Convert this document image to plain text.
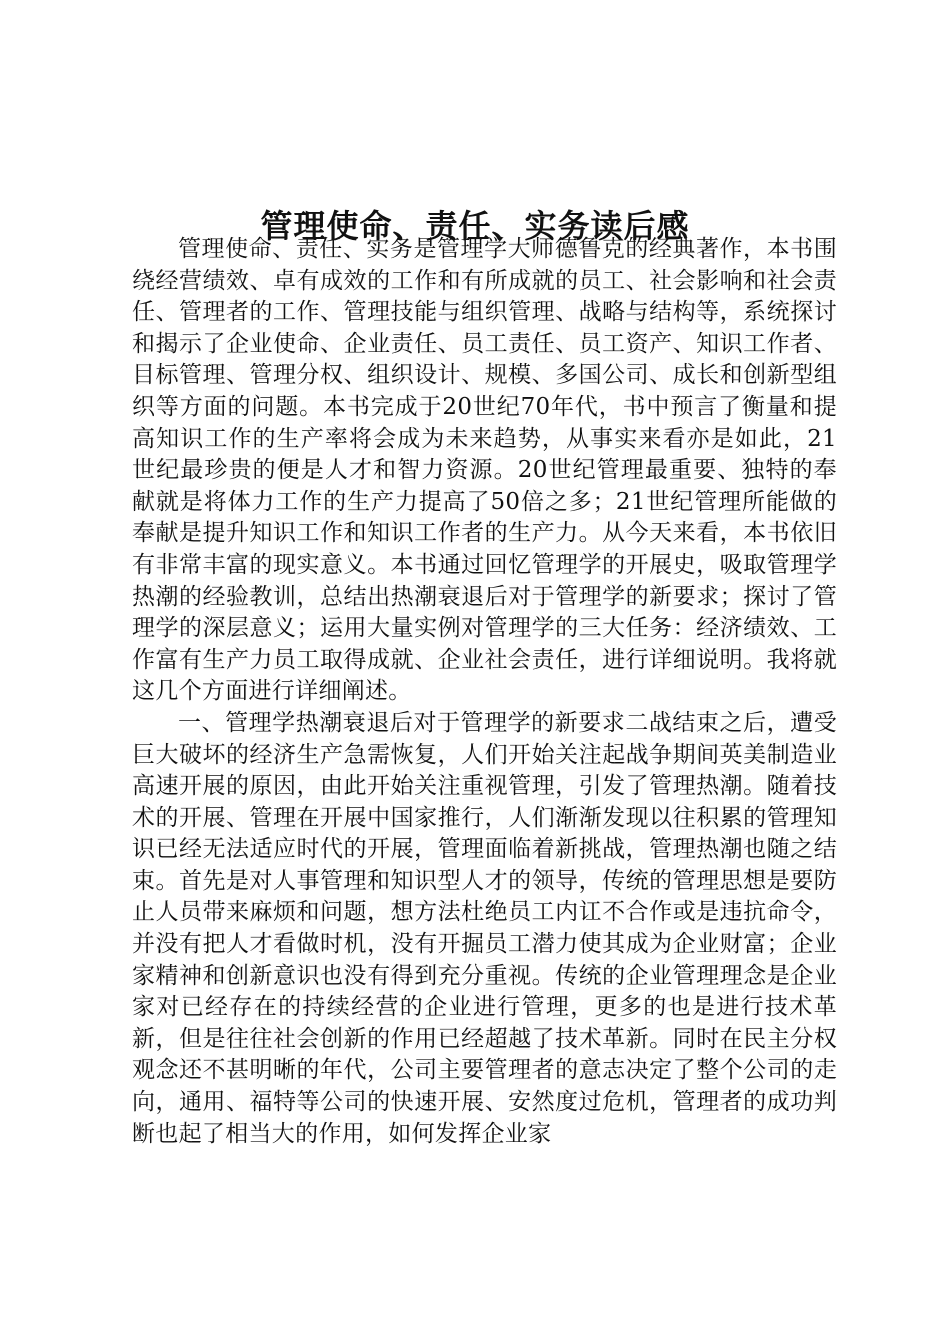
管理使命、责任、实务读后感

管理使命、责任、实务是管理学大师德鲁克的经典著作，本书围绕经营绩效、卓有成效的工作和有所成就的员工、社会影响和社会责任、管理者的工作、管理技能与组织管理、战略与结构等，系统探讨和揭示了企业使命、企业责任、员工责任、员工资产、知识工作者、目标管理、管理分权、组织设计、规模、多国公司、成长和创新型组织等方面的问题。本书完成于20世纪70年代，书中预言了衡量和提高知识工作的生产率将会成为未来趋势，从事实来看亦是如此，21世纪最珍贵的便是人才和智力资源。20世纪管理最重要、独特的奉献就是将体力工作的生产力提高了50倍之多；21世纪管理所能做的奉献是提升知识工作和知识工作者的生产力。从今天来看，本书依旧有非常丰富的现实意义。本书通过回忆管理学的开展史，吸取管理学热潮的经验教训，总结出热潮衰退后对于管理学的新要求；探讨了管理学的深层意义；运用大量实例对管理学的三大任务：经济绩效、工作富有生产力员工取得成就、企业社会责任，进行详细说明。我将就这几个方面进行详细阐述。

一、管理学热潮衰退后对于管理学的新要求二战结束之后，遭受巨大破坏的经济生产急需恢复，人们开始关注起战争期间英美制造业高速开展的原因，由此开始关注重视管理，引发了管理热潮。随着技术的开展、管理在开展中国家推行，人们渐渐发现以往积累的管理知识已经无法适应时代的开展，管理面临着新挑战，管理热潮也随之结束。首先是对人事管理和知识型人才的领导，传统的管理思想是要防止人员带来麻烦和问题，想方法杜绝员工内讧不合作或是违抗命令，并没有把人才看做时机，没有开掘员工潜力使其成为企业财富；企业家精神和创新意识也没有得到充分重视。传统的企业管理理念是企业家对已经存在的持续经营的企业进行管理，更多的也是进行技术革新，但是往往社会创新的作用已经超越了技术革新。同时在民主分权观念还不甚明晰的年代，公司主要管理者的意志决定了整个公司的走向，通用、福特等公司的快速开展、安然度过危机，管理者的成功判断也起了相当大的作用，如何发挥企业家
